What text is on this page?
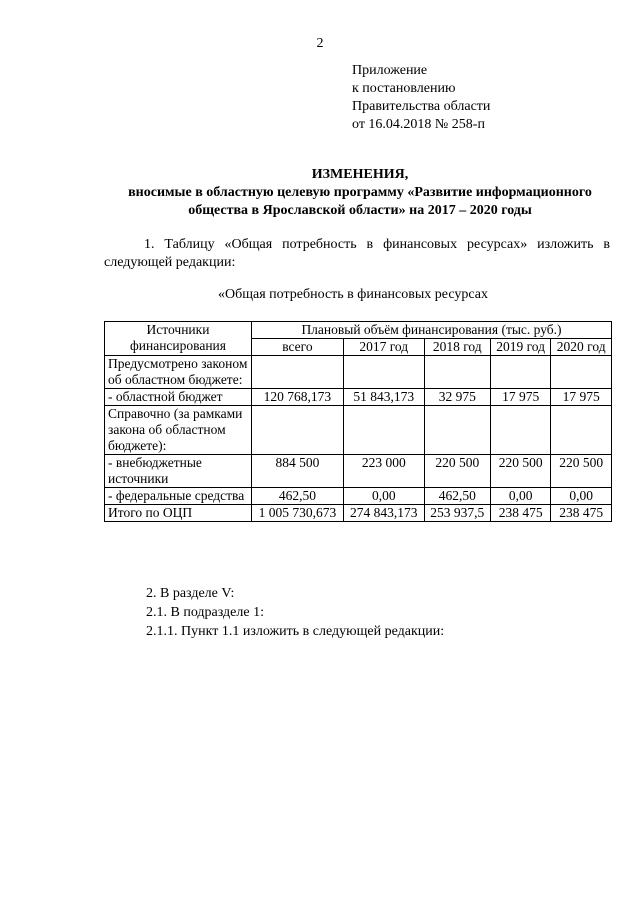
2
Приложение
к постановлению
Правительства области
от 16.04.2018 № 258-п
ИЗМЕНЕНИЯ,
вносимые в областную целевую программу «Развитие информационного
общества в Ярославской области» на 2017 – 2020 годы
1. Таблицу «Общая потребность в финансовых ресурсах» изложить в следующей редакции:
«Общая потребность в финансовых ресурсах
Источники финансирования	Плановый объём финансирования (тыс. руб.)				
	всего	2017 год	2018 год	2019 год	2020 год
Предусмотрено законом об областном бюджете:					
- областной бюджет	120 768,173	51 843,173	32 975	17 975	17 975
Справочно (за рамками закона об областном бюджете):					
- внебюджетные источники	884 500	223 000	220 500	220 500	220 500
- федеральные средства	462,50	0,00	462,50	0,00	0,00
Итого по ОЦП	1 005 730,673	274 843,173	253 937,5	238 475	238 475
2. В разделе V:
2.1. В подразделе 1:
2.1.1. Пункт 1.1 изложить в следующей редакции:
